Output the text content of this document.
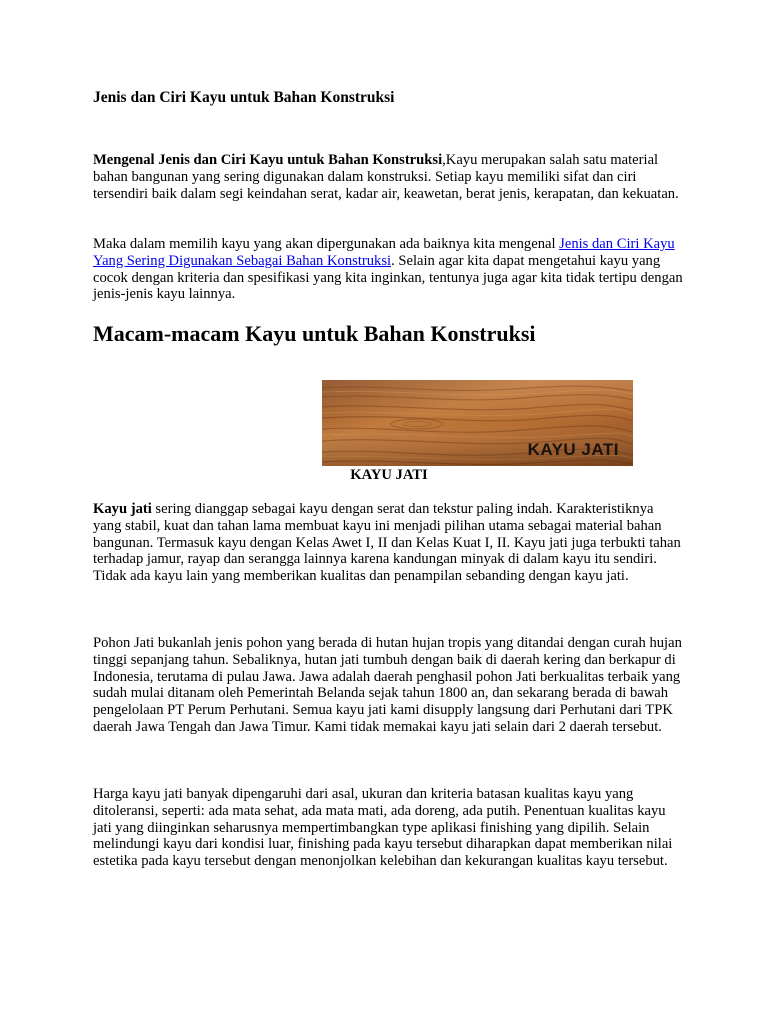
Jenis dan Ciri Kayu untuk Bahan Konstruksi

Mengenal Jenis dan Ciri Kayu untuk Bahan Konstruksi,Kayu merupakan salah satu material bahan bangunan yang sering digunakan dalam konstruksi. Setiap kayu memiliki sifat dan ciri tersendiri baik dalam segi keindahan serat, kadar air, keawetan, berat jenis, kerapatan, dan kekuatan.

Maka dalam memilih kayu yang akan dipergunakan ada baiknya kita mengenal Jenis dan Ciri Kayu Yang Sering Digunakan Sebagai Bahan Konstruksi. Selain agar kita dapat mengetahui kayu yang cocok dengan kriteria dan spesifikasi yang kita inginkan, tentunya juga agar kita tidak tertipu dengan jenis-jenis kayu lainnya.

Macam-macam Kayu untuk Bahan Konstruksi
KAYU JATI

KAYU JATI

Kayu jati sering dianggap sebagai kayu dengan serat dan tekstur paling indah. Karakteristiknya yang stabil, kuat dan tahan lama membuat kayu ini menjadi pilihan utama sebagai material bahan bangunan. Termasuk kayu dengan Kelas Awet I, II dan Kelas Kuat I, II. Kayu jati juga terbukti tahan terhadap jamur, rayap dan serangga lainnya karena kandungan minyak di dalam kayu itu sendiri. Tidak ada kayu lain yang memberikan kualitas dan penampilan sebanding dengan kayu jati.

Pohon Jati bukanlah jenis pohon yang berada di hutan hujan tropis yang ditandai dengan curah hujan tinggi sepanjang tahun. Sebaliknya, hutan jati tumbuh dengan baik di daerah kering dan berkapur di Indonesia, terutama di pulau Jawa. Jawa adalah daerah penghasil pohon Jati berkualitas terbaik yang sudah mulai ditanam oleh Pemerintah Belanda sejak tahun 1800 an, dan sekarang berada di bawah pengelolaan PT Perum Perhutani. Semua kayu jati kami disupply langsung dari Perhutani dari TPK daerah Jawa Tengah dan Jawa Timur. Kami tidak memakai kayu jati selain dari 2 daerah tersebut.

Harga kayu jati banyak dipengaruhi dari asal, ukuran dan kriteria batasan kualitas kayu yang ditoleransi, seperti: ada mata sehat, ada mata mati, ada doreng, ada putih. Penentuan kualitas kayu jati yang diinginkan seharusnya mempertimbangkan type aplikasi finishing yang dipilih. Selain melindungi kayu dari kondisi luar, finishing pada kayu tersebut diharapkan dapat memberikan nilai estetika pada kayu tersebut dengan menonjolkan kelebihan dan kekurangan kualitas kayu tersebut.
